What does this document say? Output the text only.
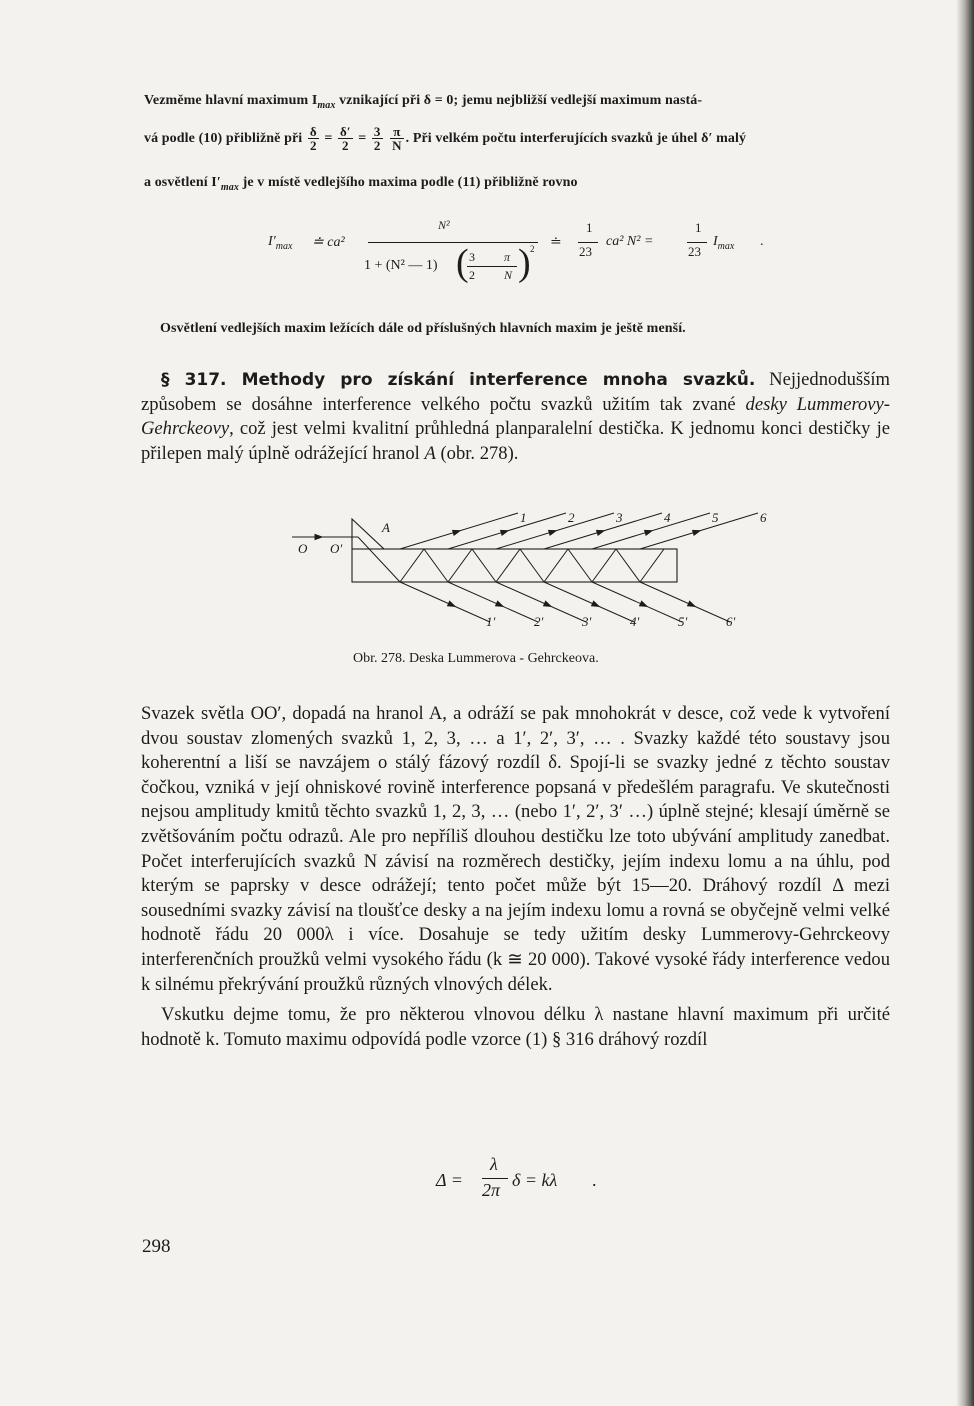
Vezměme hlavní maximum $I_{max}$ vznikající při δ = 0; jemu nejbližší vedlejší maximum nastá-
vá podle (10) přibližně při $\frac{\delta}{2} = \frac{\delta'}{2} = \frac{3}{2}$
$\frac{\pi}{N}$ . Při velkém počtu interferujících svazků je úhel δ′ malý
a osvětlení $I'_{max}$ je v místě vedlejšího maxima podle (11) přibližně rovno
$I'_{max}$ ≐ ca²
N²
1 + (N² — 1) ( 3 π
2 N ) 2 ≐
1
23
ca² N² =
1
23
$I_{max}$ .
Osvětlení vedlejších maxim ležících dále od příslušných hlavních maxim je ještě menší.

§ 317. Methody pro získání interference mnoha svazků. Nejjednodušším způsobem se dosáhne interference velkého počtu svazků užitím tak zvané desky Lummerovy-Gehrckeovy, což jest velmi kvalitní průhledná planparalelní destička. K jednomu konci destičky je přilepen malý úplně odrážející hranol A (obr. 278).

1	2	3	4	5	6
1′	2′	3′	4′	5′	6′
O O′
A
Obr. 278. Deska Lummerova - Gehrckeova.

Svazek světla OO′, dopadá na hranol A, a odráží se pak mnohokrát v desce, což vede k vytvoření dvou soustav zlomených svazků 1, 2, 3, … a 1′, 2′, 3′, … . Svazky každé této soustavy jsou koherentní a liší se navzájem o stálý fázový rozdíl δ. Spojí-li se svazky jedné z těchto soustav čočkou, vzniká v její ohniskové rovině interference popsaná v předešlém paragrafu. Ve skutečnosti nejsou amplitudy kmitů těchto svazků 1, 2, 3, … (nebo 1′, 2′, 3′ …) úplně stejné; klesají úměrně se zvětšováním počtu odrazů. Ale pro nepříliš dlouhou destičku lze toto ubývání amplitudy zanedbat. Počet interferujících svazků N závisí na rozměrech destičky, jejím indexu lomu a na úhlu, pod kterým se paprsky v desce odrážejí; tento počet může být 15—20. Dráhový rozdíl Δ mezi sousedními svazky závisí na tloušťce desky a na jejím indexu lomu a rovná se obyčejně velmi velké hodnotě řádu 20 000λ i více. Dosahuje se tedy užitím desky Lummerovy-Gehrckeovy interferenčních proužků velmi vysokého řádu (k ≅ 20 000). Takové vysoké řády interference vedou k silnému překrývání proužků různých vlnových délek.

Vskutku dejme tomu, že pro některou vlnovou délku λ nastane hlavní maximum při určité hodnotě k. Tomuto maximu odpovídá podle vzorce (1) § 316 dráhový rozdíl

Δ =
λ
2π δ = kλ .
298
